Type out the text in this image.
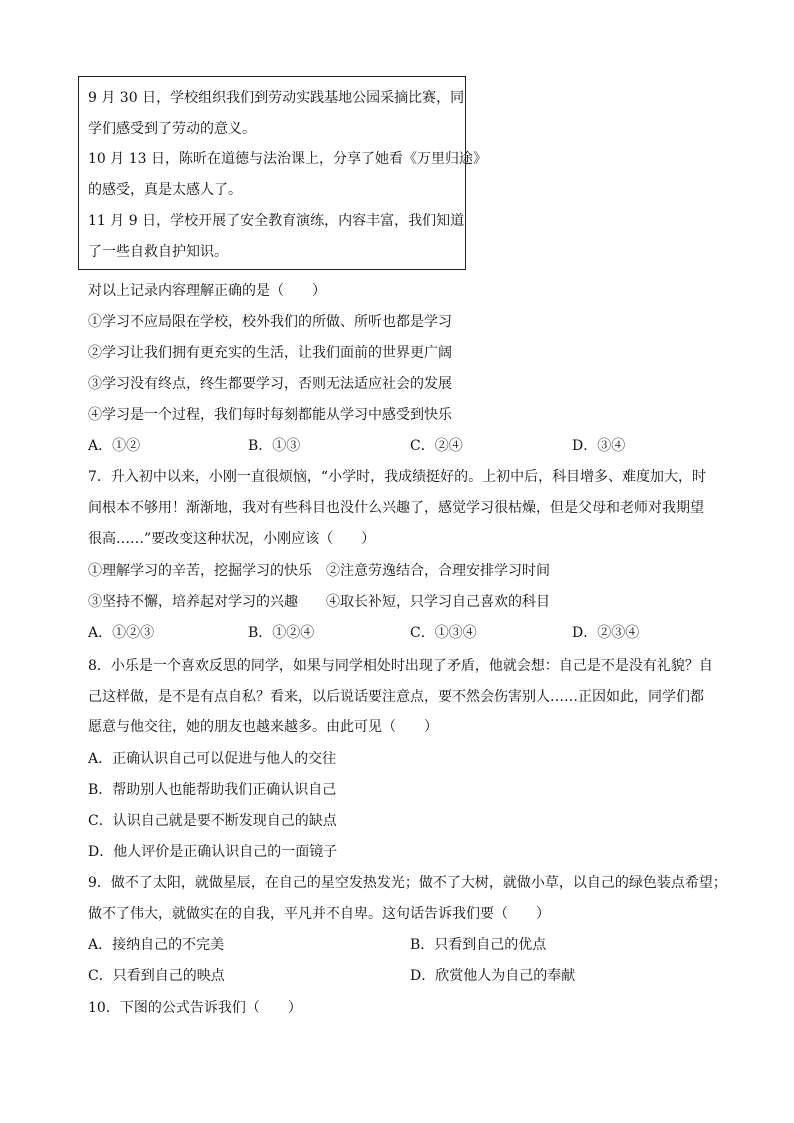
9 月 30 日，学校组织我们到劳动实践基地公园采摘比赛，同
学们感受到了劳动的意义。
10 月 13 日，陈昕在道德与法治课上，分享了她看《万里归途》
的感受，真是太感人了。
11 月 9 日，学校开展了安全教育演练，内容丰富，我们知道
了一些自救自护知识。
对以上记录内容理解正确的是（　　）
①学习不应局限在学校，校外我们的所做、所听也都是学习
②学习让我们拥有更充实的生活，让我们面前的世界更广阔
③学习没有终点，终生都要学习，否则无法适应社会的发展
④学习是一个过程，我们每时每刻都能从学习中感受到快乐
A．①②	B．①③	C．②④	D．③④
7．升入初中以来，小刚一直很烦恼，“小学时，我成绩挺好的。上初中后，科目增多、难度加大，时
间根本不够用！渐渐地，我对有些科目也没什么兴趣了，感觉学习很枯燥，但是父母和老师对我期望
很高……”要改变这种状况，小刚应该（　　）
①理解学习的辛苦，挖掘学习的快乐　②注意劳逸结合，合理安排学习时间
③坚持不懈，培养起对学习的兴趣　　④取长补短，只学习自己喜欢的科目
A．①②③	B．①②④	C．①③④	D．②③④
8．小乐是一个喜欢反思的同学，如果与同学相处时出现了矛盾，他就会想：自己是不是没有礼貌？自
己这样做，是不是有点自私？看来，以后说话要注意点，要不然会伤害别人……正因如此，同学们都
愿意与他交往，她的朋友也越来越多。由此可见（　　）
A．正确认识自己可以促进与他人的交往
B．帮助别人也能帮助我们正确认识自己
C．认识自己就是要不断发现自己的缺点
D．他人评价是正确认识自己的一面镜子
9．做不了太阳，就做星辰，在自己的星空发热发光；做不了大树，就做小草，以自己的绿色装点希望；
做不了伟大，就做实在的自我，平凡并不自卑。这句话告诉我们要（　　）
A．接纳自己的不完美	B．只看到自己的优点
C．只看到自己的映点	D．欣赏他人为自己的奉献
10．下图的公式告诉我们（　　）
